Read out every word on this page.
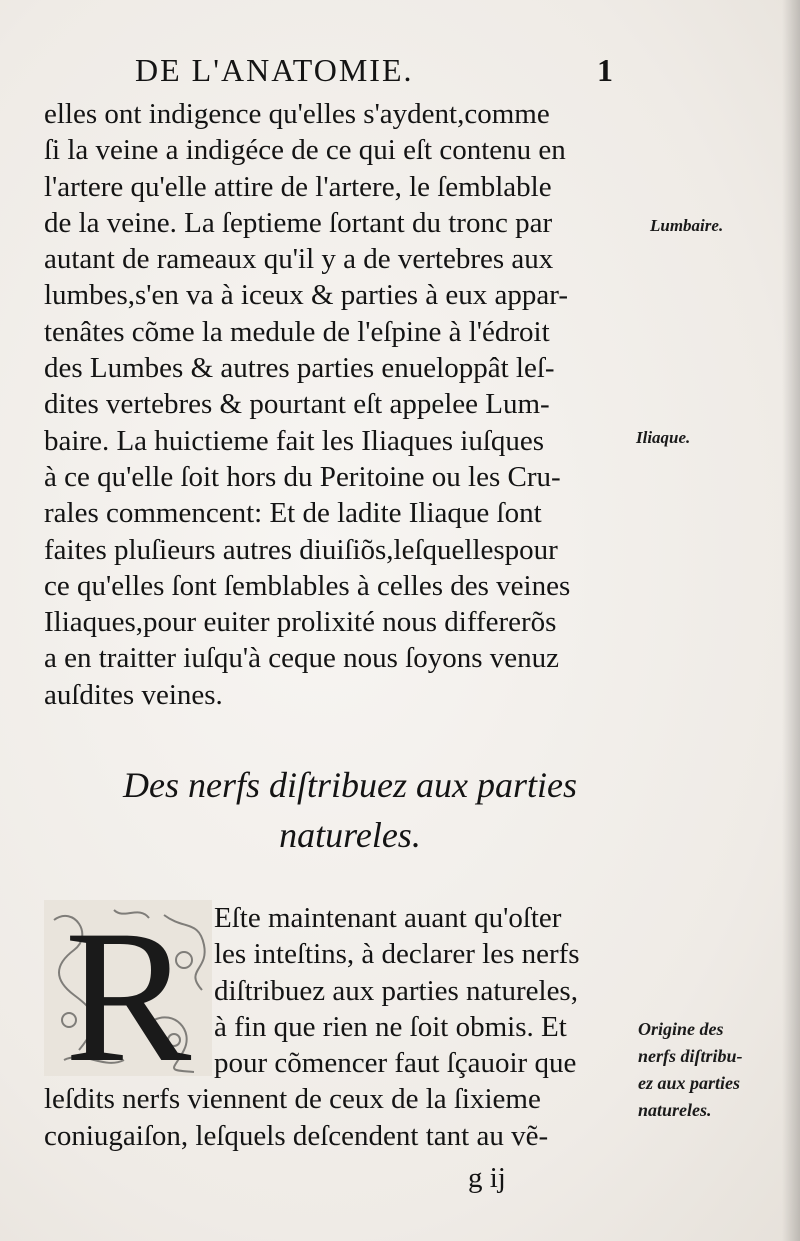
DE L'ANATOMIE.	1
elles ont indigence qu'elles s'aydent,comme
ſi la veine a indigéce de ce qui eſt contenu en
l'artere qu'elle attire de l'artere, le ſemblable
de la veine. La ſeptieme ſortant du tronc par
autant de rameaux qu'il y a de vertebres aux
lumbes,s'en va à iceux & parties à eux appar-
tenâtes cõme la medule de l'eſpine à l'édroit
des Lumbes & autres parties enueloppât leſ-
dites vertebres & pourtant eſt appelee Lum-
baire. La huictieme fait les Iliaques iuſques
à ce qu'elle ſoit hors du Peritoine ou les Cru-
rales commencent: Et de ladite Iliaque ſont
faites pluſieurs autres diuiſiõs,leſquellespour
ce qu'elles ſont ſemblables à celles des veines
Iliaques,pour euiter prolixité nous differerõs
a en traitter iuſqu'à ceque nous ſoyons venuz
auſdites veines.
Lumbaire.
Iliaque.
Origine des
nerfs diſtribu-
ez aux parties
natureles.
Des nerfs diſtribuez aux parties
natureles.
R Eſte maintenant auant qu'oſter
les inteſtins, à declarer les nerfs
diſtribuez aux parties natureles,
à fin que rien ne ſoit obmis. Et
pour cõmencer faut ſçauoir que
leſdits nerfs viennent de ceux de la ſixieme
coniugaiſon, leſquels deſcendent tant au vẽ-
g ij
